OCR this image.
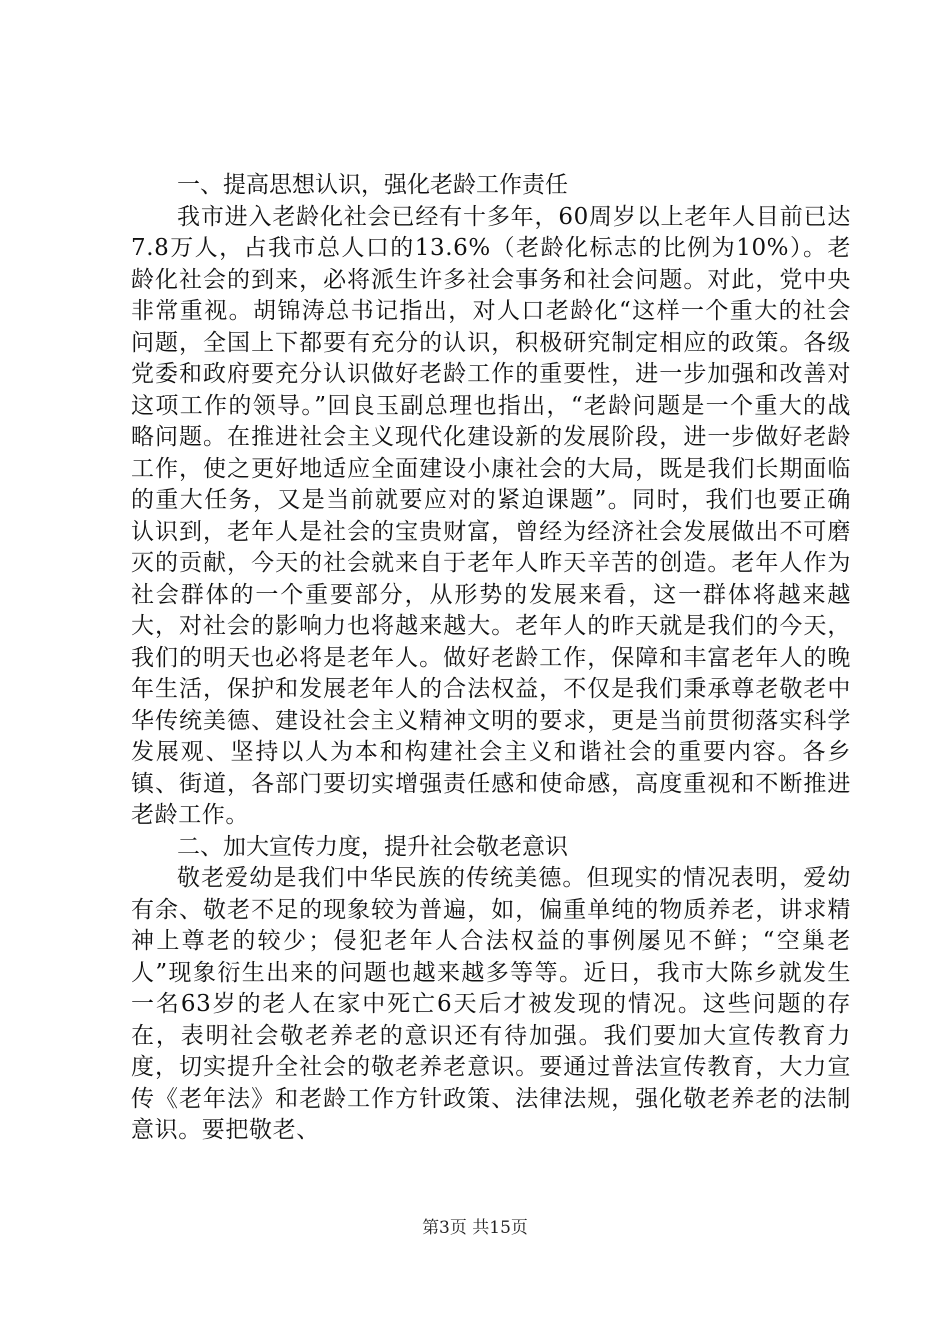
一、提高思想认识，强化老龄工作责任

我市进入老龄化社会已经有十多年，60周岁以上老年人目前已达7.8万人，占我市总人口的13.6%（老龄化标志的比例为10%）。老龄化社会的到来，必将派生许多社会事务和社会问题。对此，党中央非常重视。胡锦涛总书记指出，对人口老龄化“这样一个重大的社会问题，全国上下都要有充分的认识，积极研究制定相应的政策。各级党委和政府要充分认识做好老龄工作的重要性，进一步加强和改善对这项工作的领导。”回良玉副总理也指出，“老龄问题是一个重大的战略问题。在推进社会主义现代化建设新的发展阶段，进一步做好老龄工作，使之更好地适应全面建设小康社会的大局，既是我们长期面临的重大任务，又是当前就要应对的紧迫课题”。同时，我们也要正确认识到，老年人是社会的宝贵财富，曾经为经济社会发展做出不可磨灭的贡献，今天的社会就来自于老年人昨天辛苦的创造。老年人作为社会群体的一个重要部分，从形势的发展来看，这一群体将越来越大，对社会的影响力也将越来越大。老年人的昨天就是我们的今天，我们的明天也必将是老年人。做好老龄工作，保障和丰富老年人的晚年生活，保护和发展老年人的合法权益，不仅是我们秉承尊老敬老中华传统美德、建设社会主义精神文明的要求，更是当前贯彻落实科学发展观、坚持以人为本和构建社会主义和谐社会的重要内容。各乡镇、街道，各部门要切实增强责任感和使命感，高度重视和不断推进老龄工作。

二、加大宣传力度，提升社会敬老意识

敬老爱幼是我们中华民族的传统美德。但现实的情况表明，爱幼有余、敬老不足的现象较为普遍，如，偏重单纯的物质养老，讲求精神上尊老的较少；侵犯老年人合法权益的事例屡见不鲜；“空巢老人”现象衍生出来的问题也越来越多等等。近日，我市大陈乡就发生一名63岁的老人在家中死亡6天后才被发现的情况。这些问题的存在，表明社会敬老养老的意识还有待加强。我们要加大宣传教育力度，切实提升全社会的敬老养老意识。要通过普法宣传教育，大力宣传《老年法》和老龄工作方针政策、法律法规，强化敬老养老的法制意识。要把敬老、

第3页 共15页
